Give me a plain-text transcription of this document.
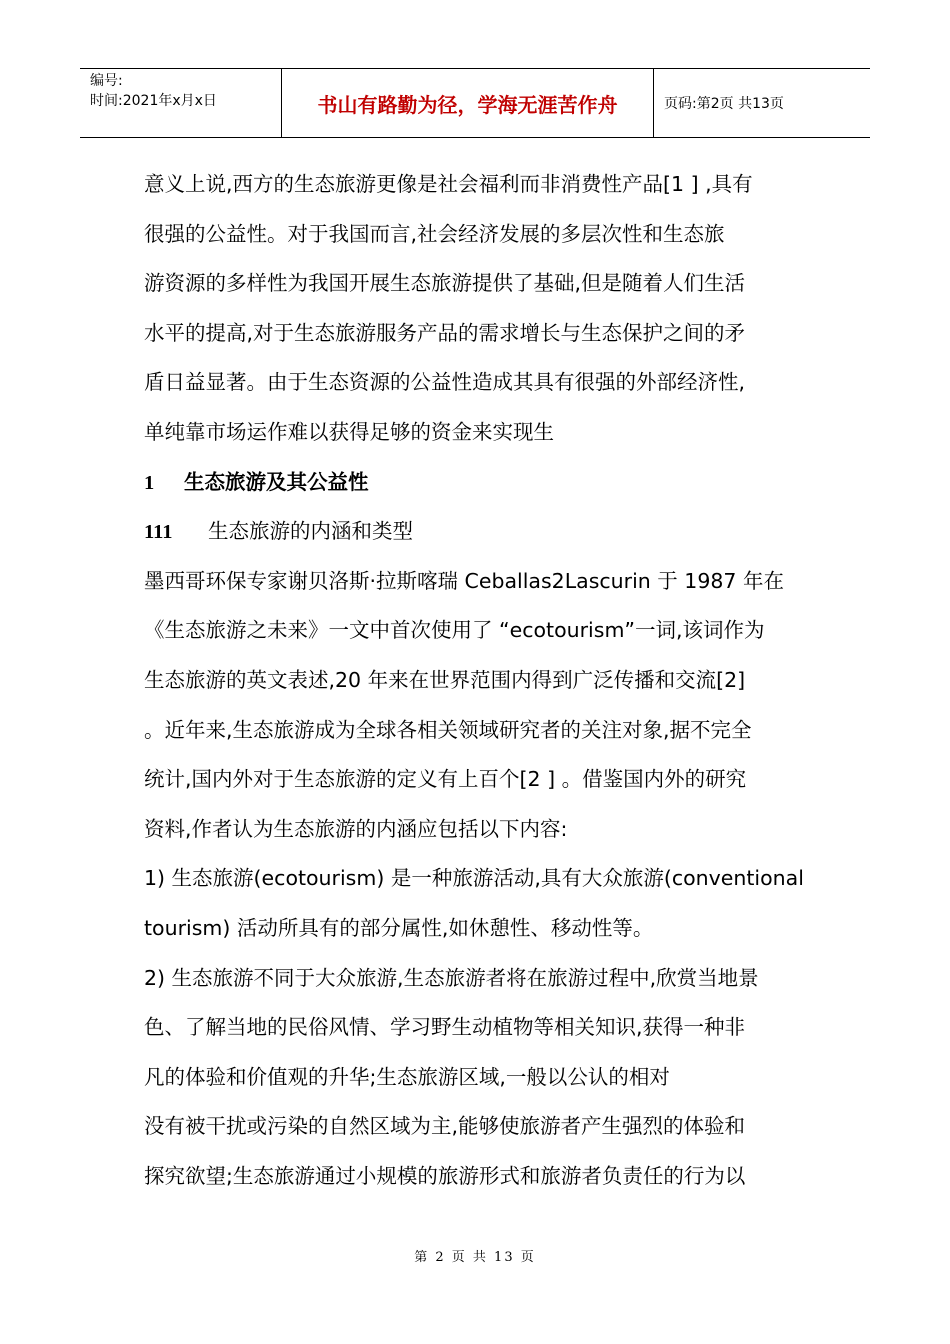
编号:
时间:2021年x月x日	书山有路勤为径，学海无涯苦作舟	页码:第2页 共13页
意义上说,西方的生态旅游更像是社会福利而非消费性产品[1 ] ,具有
很强的公益性。对于我国而言,社会经济发展的多层次性和生态旅
游资源的多样性为我国开展生态旅游提供了基础,但是随着人们生活
水平的提高,对于生态旅游服务产品的需求增长与生态保护之间的矛
盾日益显著。由于生态资源的公益性造成其具有很强的外部经济性,
单纯靠市场运作难以获得足够的资金来实现生
1 生态旅游及其公益性
111 生态旅游的内涵和类型
墨西哥环保专家谢贝洛斯·拉斯喀瑞 Ceballas2Lascurin 于 1987 年在
《生态旅游之未来》一文中首次使用了 “ecotourism”一词,该词作为
生态旅游的英文表述,20 年来在世界范围内得到广泛传播和交流[2]
。近年来,生态旅游成为全球各相关领域研究者的关注对象,据不完全
统计,国内外对于生态旅游的定义有上百个[2 ] 。借鉴国内外的研究
资料,作者认为生态旅游的内涵应包括以下内容:
1) 生态旅游(ecotourism) 是一种旅游活动,具有大众旅游(conventional
tourism) 活动所具有的部分属性,如休憩性、移动性等。
2) 生态旅游不同于大众旅游,生态旅游者将在旅游过程中,欣赏当地景
色、了解当地的民俗风情、学习野生动植物等相关知识,获得一种非
凡的体验和价值观的升华;生态旅游区域,一般以公认的相对
没有被干扰或污染的自然区域为主,能够使旅游者产生强烈的体验和
探究欲望;生态旅游通过小规模的旅游形式和旅游者负责任的行为以
第 2 页 共 13 页
